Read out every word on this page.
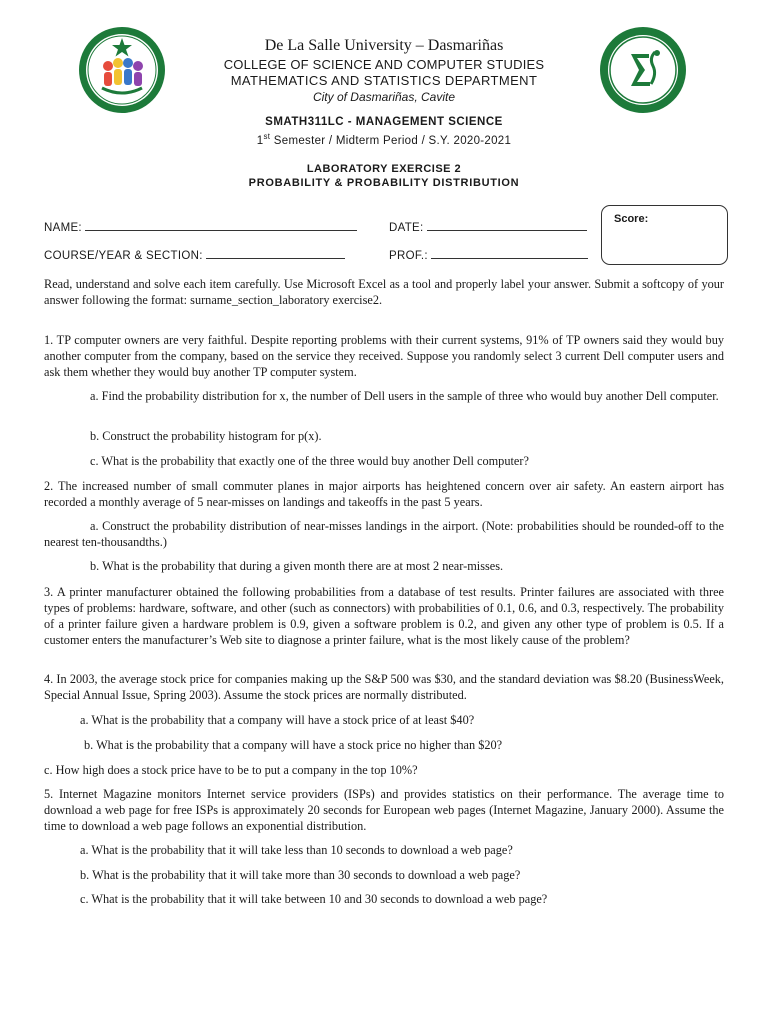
De La Salle University – Dasmariñas
COLLEGE OF SCIENCE AND COMPUTER STUDIES
MATHEMATICS AND STATISTICS DEPARTMENT
City of Dasmariñas, Cavite
SMATH311LC - MANAGEMENT SCIENCE
1st Semester / Midterm Period / S.Y. 2020-2021
LABORATORY EXERCISE 2
PROBABILITY & PROBABILITY DISTRIBUTION
NAME:	DATE:
COURSE/YEAR & SECTION:	PROF.:
Score:

Read, understand and solve each item carefully. Use Microsoft Excel as a tool and properly label your answer. Submit a softcopy of your answer following the format: surname_section_laboratory exercise2.

1. TP computer owners are very faithful. Despite reporting problems with their current systems, 91% of TP owners said they would buy another computer from the company, based on the service they received. Suppose you randomly select 3 current Dell computer users and ask them whether they would buy another TP computer system.

a. Find the probability distribution for x, the number of Dell users in the sample of three who would buy another Dell computer.

b. Construct the probability histogram for p(x).

c. What is the probability that exactly one of the three would buy another Dell computer?

2. The increased number of small commuter planes in major airports has heightened concern over air safety. An eastern airport has recorded a monthly average of 5 near-misses on landings and takeoffs in the past 5 years.

a. Construct the probability distribution of near-misses landings in the airport. (Note: probabilities should be rounded-off to the nearest ten-thousandths.)

b. What is the probability that during a given month there are at most 2 near-misses.

3. A printer manufacturer obtained the following probabilities from a database of test results. Printer failures are associated with three types of problems: hardware, software, and other (such as connectors) with probabilities of 0.1, 0.6, and 0.3, respectively. The probability of a printer failure given a hardware problem is 0.9, given a software problem is 0.2, and given any other type of problem is 0.5. If a customer enters the manufacturer’s Web site to diagnose a printer failure, what is the most likely cause of the problem?

4. In 2003, the average stock price for companies making up the S&P 500 was $30, and the standard deviation was $8.20 (BusinessWeek, Special Annual Issue, Spring 2003). Assume the stock prices are normally distributed.

a. What is the probability that a company will have a stock price of at least $40?

b. What is the probability that a company will have a stock price no higher than $20?

c. How high does a stock price have to be to put a company in the top 10%?

5. Internet Magazine monitors Internet service providers (ISPs) and provides statistics on their performance. The average time to download a web page for free ISPs is approximately 20 seconds for European web pages (Internet Magazine, January 2000). Assume the time to download a web page follows an exponential distribution.

a. What is the probability that it will take less than 10 seconds to download a web page?

b. What is the probability that it will take more than 30 seconds to download a web page?

c. What is the probability that it will take between 10 and 30 seconds to download a web page?
